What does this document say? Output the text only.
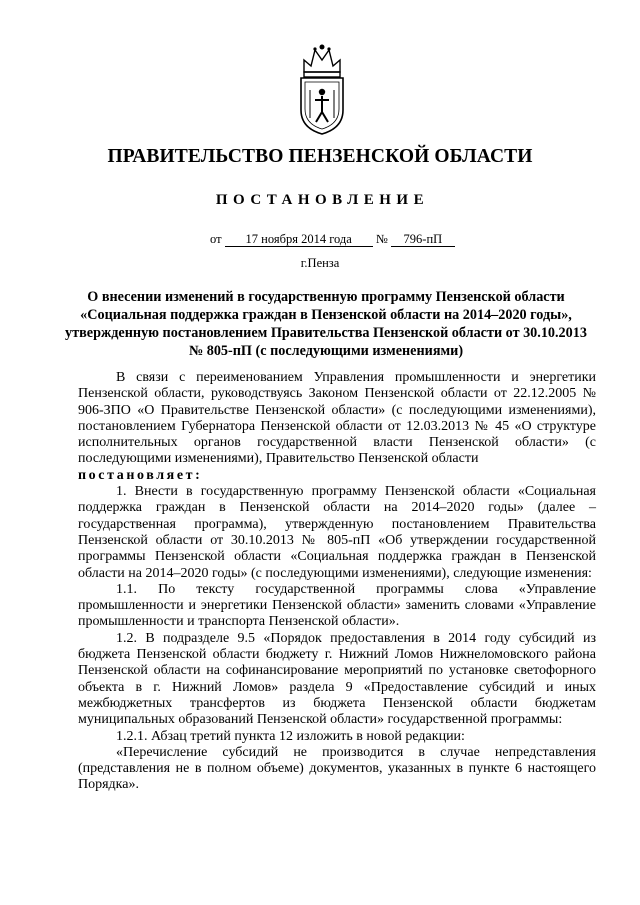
ПРАВИТЕЛЬСТВО ПЕНЗЕНСКОЙ ОБЛАСТИ
ПОСТАНОВЛЕНИЕ
от 17 ноября 2014 года № 796-пП
г.Пенза
О внесении изменений в государственную программу Пензенской области «Социальная поддержка граждан в Пензенской области на 2014–2020 годы», утвержденную постановлением Правительства Пензенской области от 30.10.2013 № 805-пП (с последующими изменениями)

В связи с переименованием Управления промышленности и энергетики Пензенской области, руководствуясь Законом Пензенской области от 22.12.2005 № 906-ЗПО «О Правительстве Пензенской области» (с последующими изменениями), постановлением Губернатора Пензенской области от 12.03.2013 № 45 «О структуре исполнительных органов государственной власти Пензенской области» (с последующими изменениями), Правительство Пензенской области

постановляет:

1. Внести в государственную программу Пензенской области «Социальная поддержка граждан в Пензенской области на 2014–2020 годы» (далее – государственная программа), утвержденную постановлением Правительства Пензенской области от 30.10.2013 № 805-пП «Об утверждении государственной программы Пензенской области «Социальная поддержка граждан в Пензенской области на 2014–2020 годы» (с последующими изменениями), следующие изменения:

1.1. По тексту государственной программы слова «Управление промышленности и энергетики Пензенской области» заменить словами «Управление промышленности и транспорта Пензенской области».

1.2. В подразделе 9.5 «Порядок предоставления в 2014 году субсидий из бюджета Пензенской области бюджету г. Нижний Ломов Нижнеломовского района Пензенской области на софинансирование мероприятий по установке светофорного объекта в г. Нижний Ломов» раздела 9 «Предоставление субсидий и иных межбюджетных трансфертов из бюджета Пензенской области бюджетам муниципальных образований Пензенской области» государственной программы:

1.2.1. Абзац третий пункта 12 изложить в новой редакции:

«Перечисление субсидий не производится в случае непредставления (представления не в полном объеме) документов, указанных в пункте 6 настоящего Порядка».
